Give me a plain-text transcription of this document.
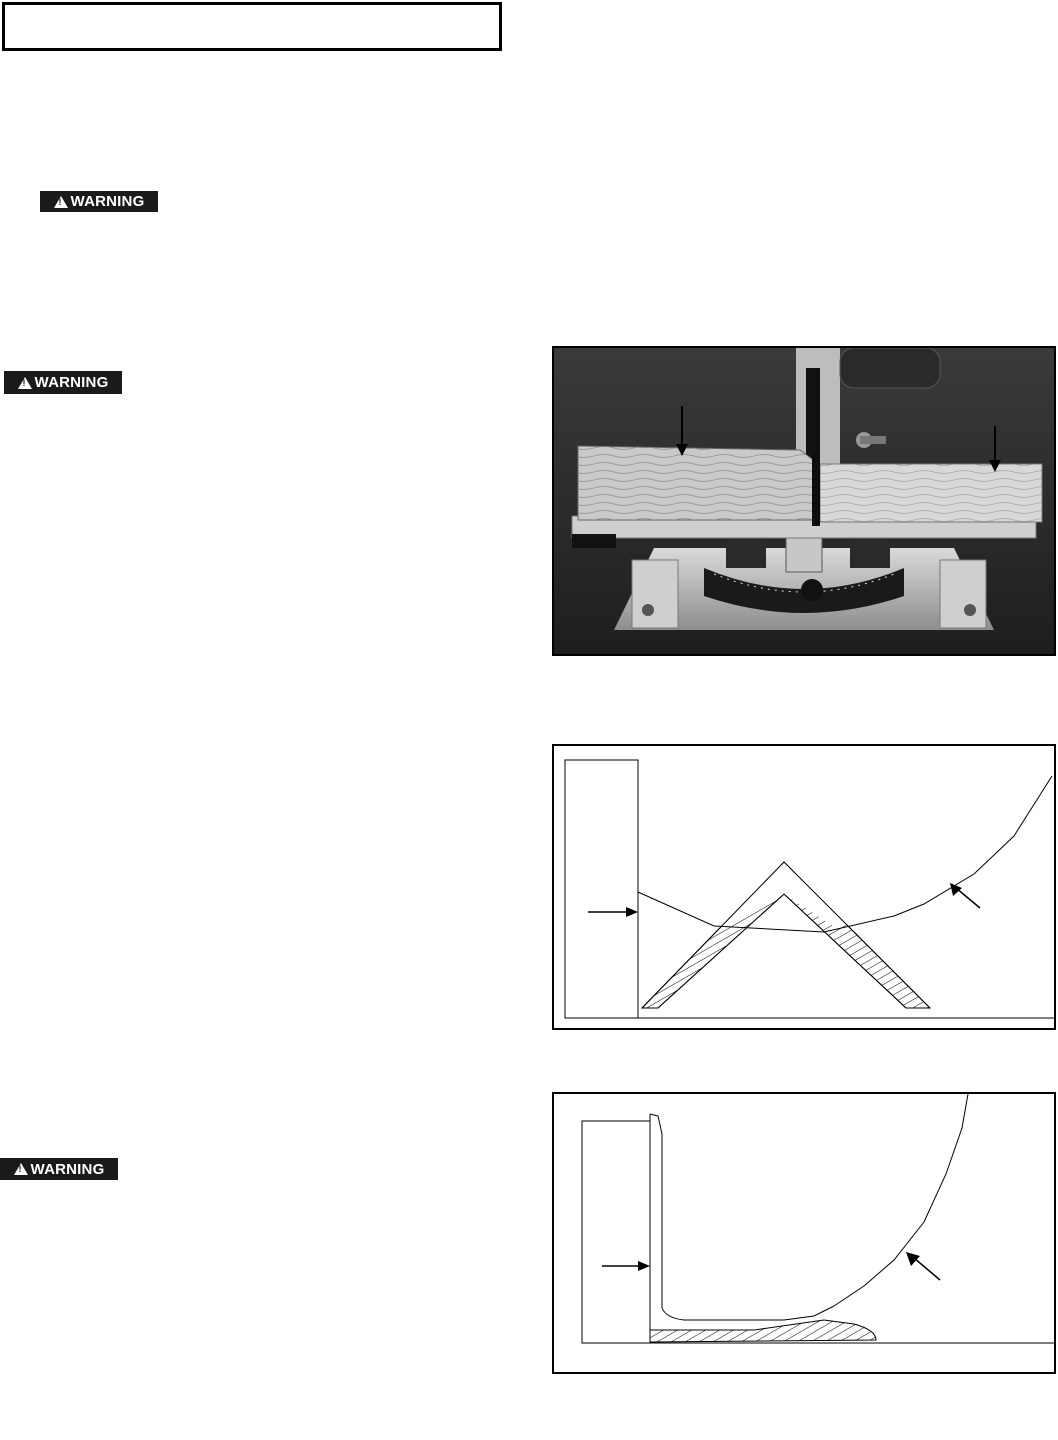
!
WARNING
!
WARNING
!
WARNING
